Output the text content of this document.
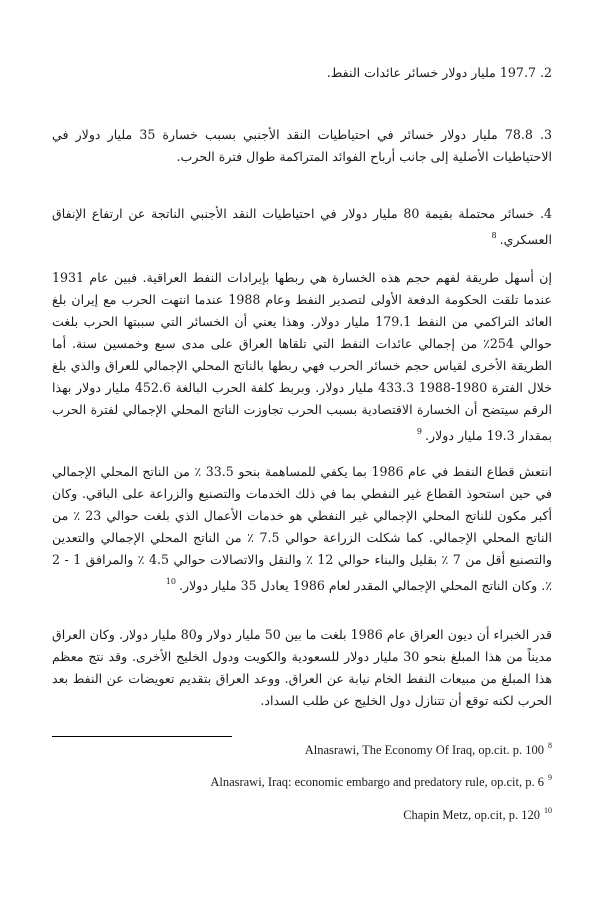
2. 197.7 مليار دولار خسائر عائدات النفط.

3. 78.8 مليار دولار خسائر في احتياطيات النقد الأجنبي بسبب خسارة 35 مليار دولار في الاحتياطيات الأصلية إلى جانب أرباح الفوائد المتراكمة طوال فترة الحرب.

4. خسائر محتملة بقيمة 80 مليار دولار في احتياطيات النقد الأجنبي الناتجة عن ارتفاع الإنفاق العسكري.$^8$

إن أسهل طريقة لفهم حجم هذه الخسارة هي ربطها بإيرادات النفط العراقية. فبين عام 1931 عندما تلقت الحكومة الدفعة الأولى لتصدير النفط وعام 1988 عندما انتهت الحرب مع إيران بلغ العائد التراكمي من النفط 179.1 مليار دولار. وهذا يعني أن الخسائر التي سببتها الحرب بلغت حوالي 254٪ من إجمالي عائدات النفط التي تلقاها العراق على مدى سبع وخمسين سنة. أما الطريقة الأخرى لقياس حجم خسائر الحرب فهي ربطها بالناتج المحلي الإجمالي للعراق والذي بلغ خلال الفترة 1980-1988 433.3 مليار دولار. وبربط كلفة الحرب البالغة 452.6 مليار دولار بهذا الرقم سيتضح أن الخسارة الاقتصادية بسبب الحرب تجاوزت الناتج المحلي الإجمالي لفترة الحرب بمقدار 19.3 مليار دولار.$^9$

انتعش قطاع النفط في عام 1986 بما يكفي للمساهمة بنحو 33.5 ٪ من الناتج المحلي الإجمالي في حين استحوذ القطاع غير النفطي بما في ذلك الخدمات والتصنيع والزراعة على الباقي. وكان أكبر مكون للناتج المحلي الإجمالي غير النفطي هو خدمات الأعمال الذي بلغت حوالي 23 ٪ من الناتج المحلي الإجمالي. كما شكلت الزراعة حوالي 7.5 ٪ من الناتج المحلي الإجمالي والتعدين والتصنيع أقل من 7 ٪ بقليل والبناء حوالي 12 ٪ والنقل والاتصالات حوالي 4.5 ٪ والمرافق 1 - 2 ٪. وكان الناتج المحلي الإجمالي المقدر لعام 1986 يعادل 35 مليار دولار.$^{10}$

قدر الخبراء أن ديون العراق عام 1986 بلغت ما بين 50 مليار دولار و80 مليار دولار. وكان العراق مديناً من هذا المبلغ بنحو 30 مليار دولار للسعودية والكويت ودول الخليج الأخرى. وقد نتج معظم هذا المبلغ من مبيعات النفط الخام نيابة عن العراق. ووعد العراق بتقديم تعويضات عن النفط بعد الحرب لكنه توقع أن تتنازل دول الخليج عن طلب السداد.

Alnasrawi, The Economy Of Iraq, op.cit. p. 100 $^8$

Alnasrawi, Iraq: economic embargo and predatory rule, op.cit, p. 6 $^9$

Chapin Metz, op.cit, p. 120 $^{10}$
